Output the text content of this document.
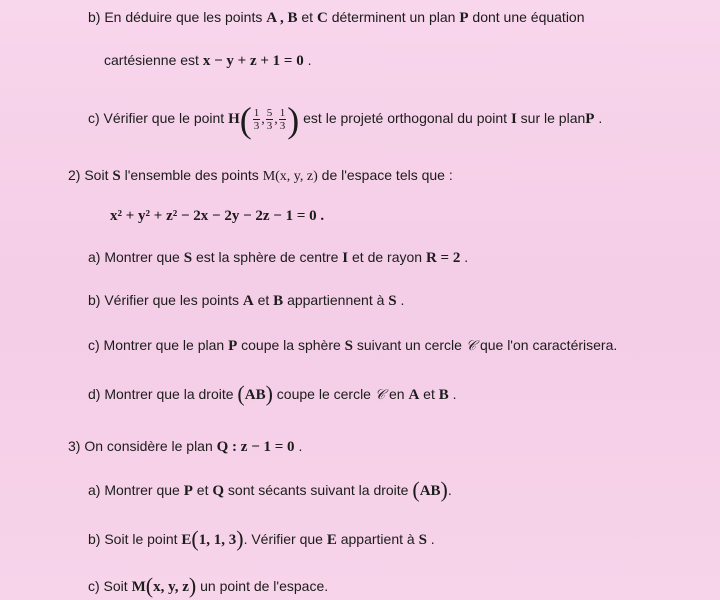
b) En déduire que les points A , B et C déterminent un plan P dont une équation
cartésienne est x − y + z + 1 = 0 .
c) Vérifier que le point $H( \frac{1}{3}$ , $\frac{5}{3}$ , $\frac{1}{3}$ ) est le projeté orthogonal du point I sur le planP .
2) Soit S l'ensemble des points M(x, y, z) de l'espace tels que :
x² + y² + z² − 2x − 2y − 2z − 1 = 0 .
a) Montrer que S est la sphère de centre I et de rayon R = 2 .
b) Vérifier que les points A et B appartiennent à S .
c) Montrer que le plan P coupe la sphère S suivant un cercle 𝒞 que l'on caractérisera.
d) Montrer que la droite (AB) coupe le cercle 𝒞 en A et B .
3) On considère le plan Q : z − 1 = 0 .
a) Montrer que P et Q sont sécants suivant la droite (AB).
b) Soit le point E(1, 1, 3). Vérifier que E appartient à S .
c) Soit M(x, y, z) un point de l'espace.
